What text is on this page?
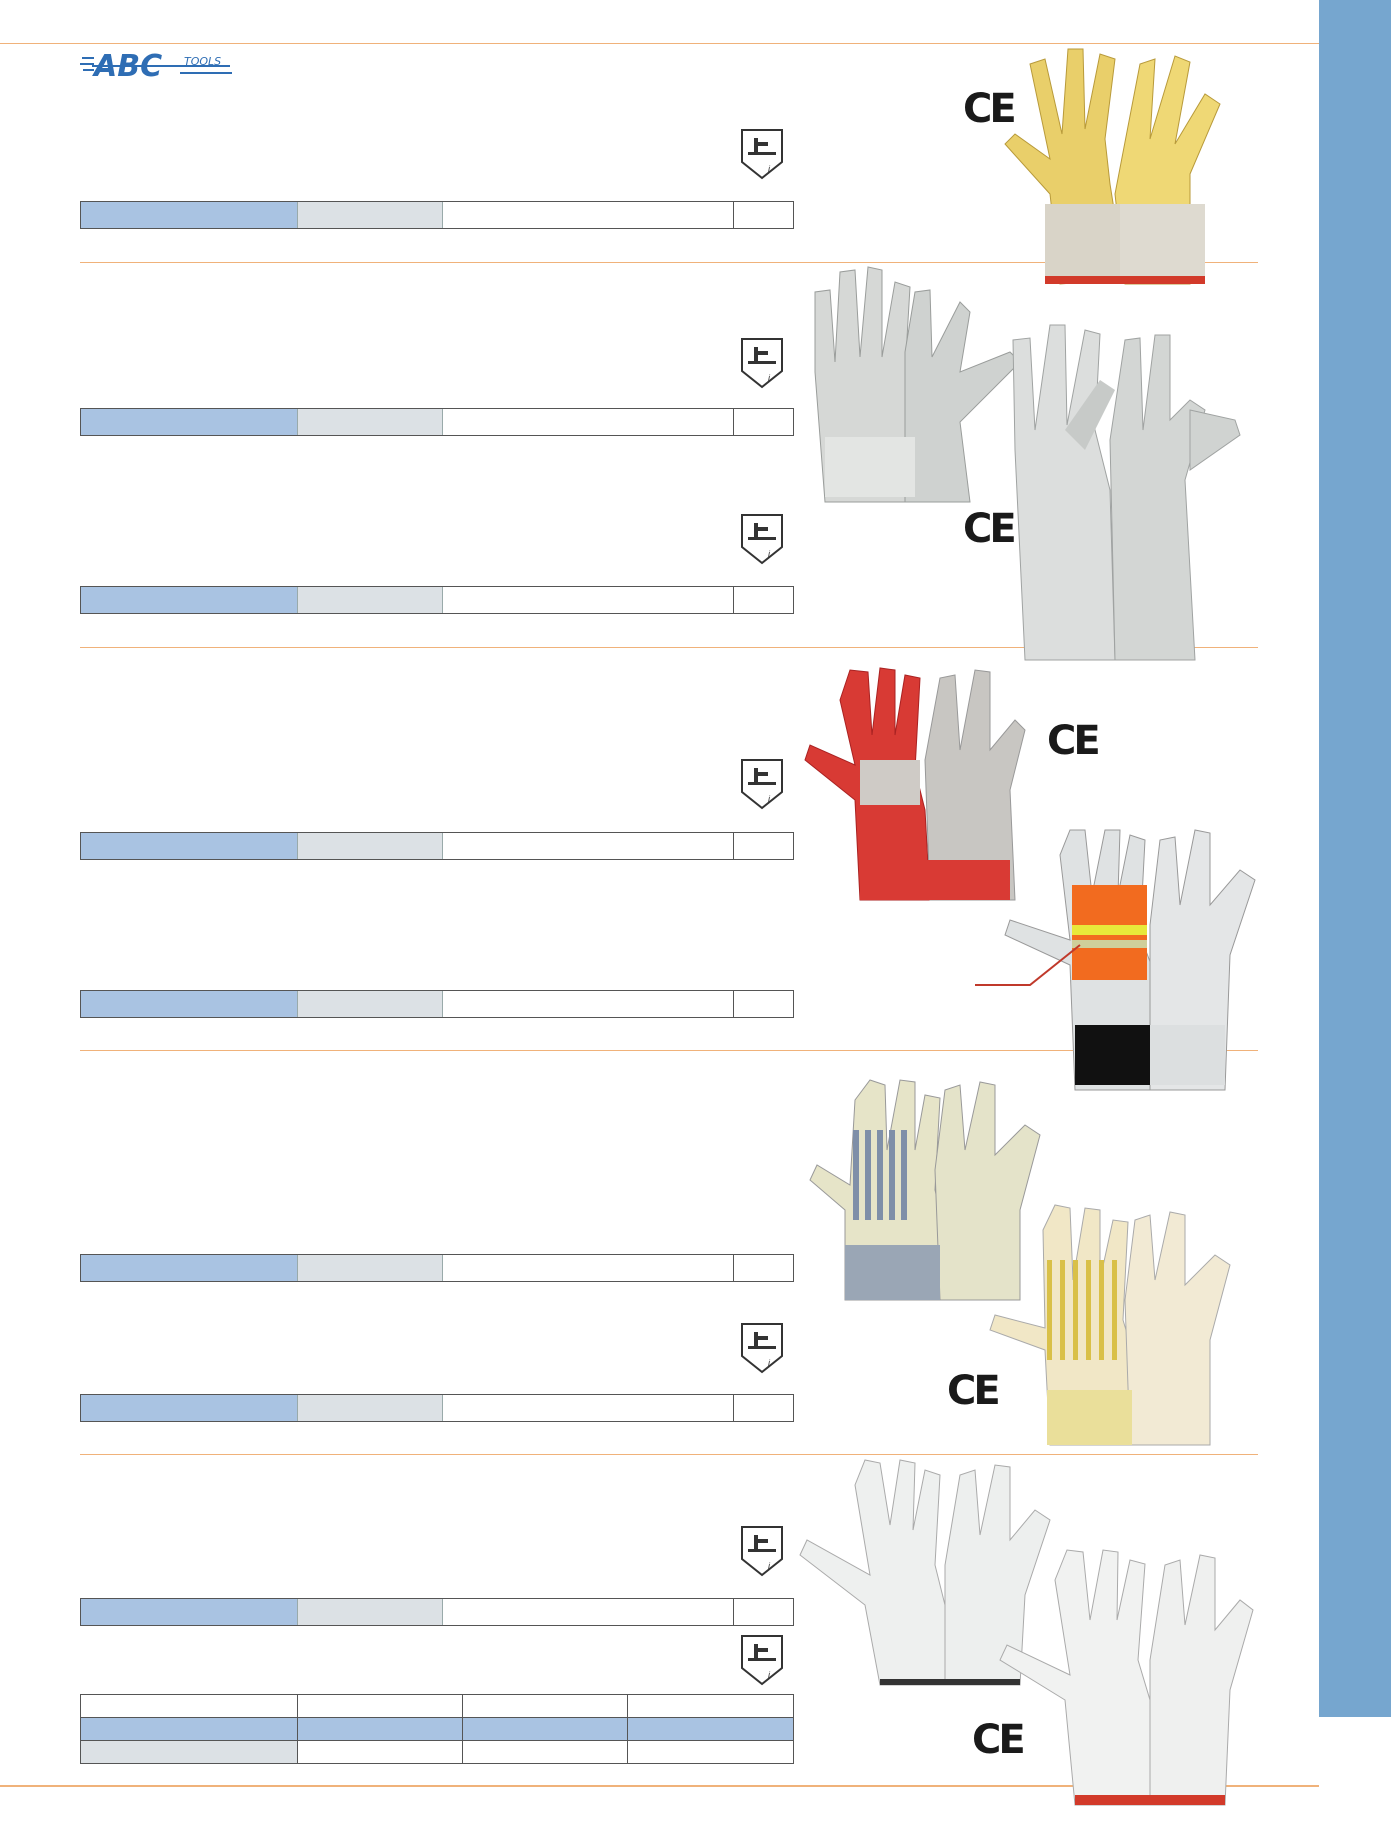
ABC TOOLS
i
CE
i
i
CE
i
CE
i
CE
i
i

CE
